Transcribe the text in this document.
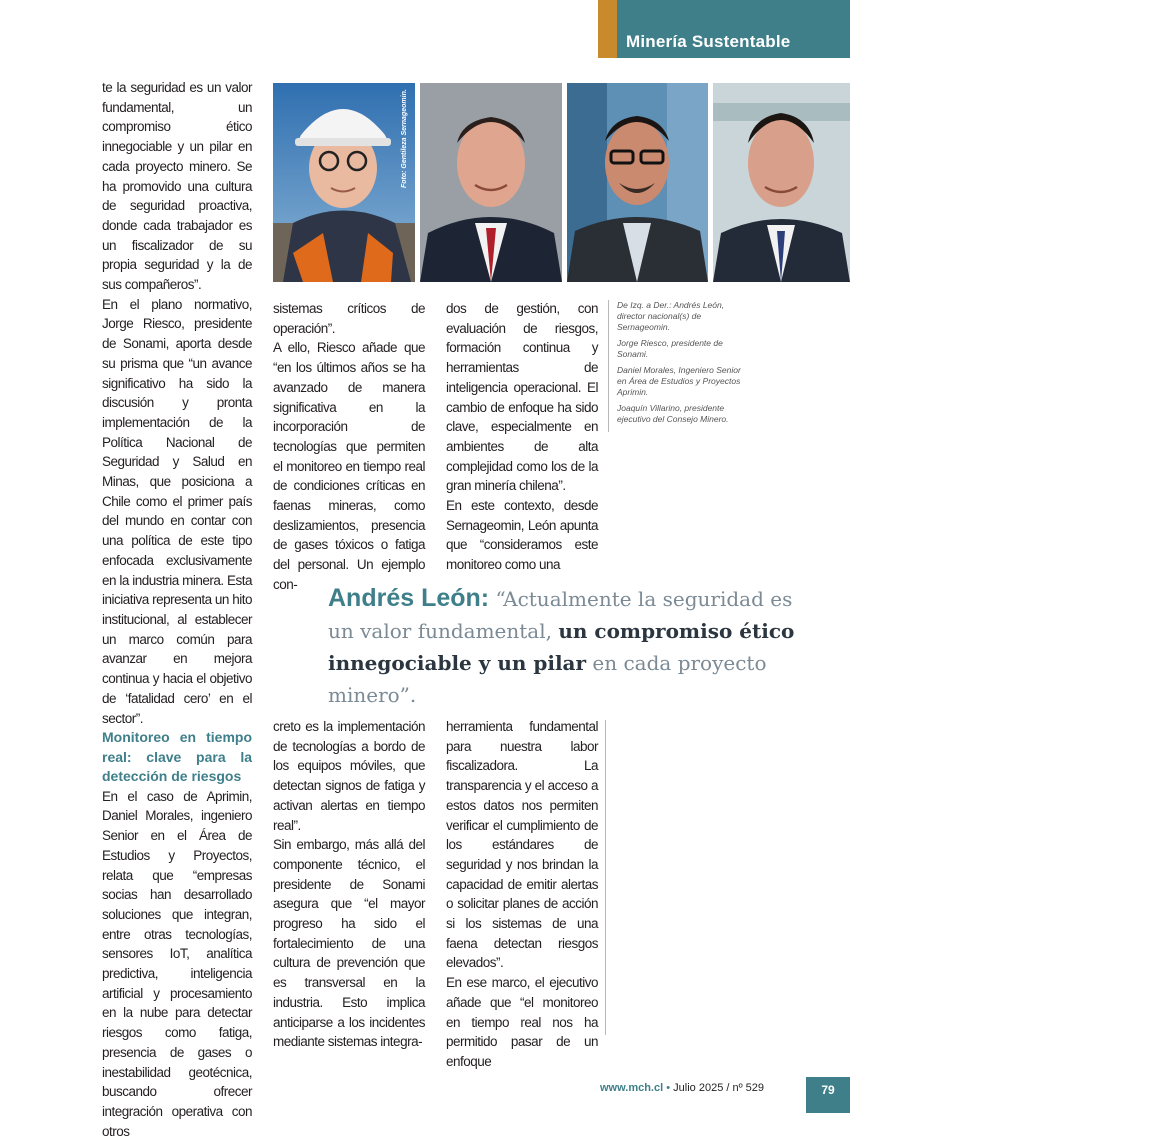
Minería Sustentable

te la seguridad es un valor fundamental, un compromiso ético innegociable y un pilar en cada proyecto minero. Se ha promovido una cultura de seguridad proactiva, donde cada trabajador es un fiscalizador de su propia seguridad y la de sus compañeros”.

En el plano normativo, Jorge Riesco, presidente de Sonami, aporta desde su prisma que “un avance significativo ha sido la discusión y pronta implementación de la Política Nacional de Seguridad y Salud en Minas, que posiciona a Chile como el primer país del mundo en contar con una política de este tipo enfocada exclusivamente en la industria minera. Esta iniciativa representa un hito institucional, al establecer un marco común para avanzar en mejora continua y hacia el objetivo de ‘fatalidad cero’ en el sector”.

Monitoreo en tiempo real: clave para la detección de riesgos

En el caso de Aprimin, Daniel Morales, ingeniero Senior en el Área de Estudios y Proyectos, relata que “empresas socias han desarrollado soluciones que integran, entre otras tecnologías, sensores IoT, analítica predictiva, inteligencia artificial y procesamiento en la nube para detectar riesgos como fatiga, presencia de gases o inestabilidad geotécnica, buscando ofrecer integración operativa con otros

Foto: Gentileza Sernageomin.
Foto: Gentileza Aprimin.	Foto: Gentileza Consejo Minero.

sistemas críticos de operación”.

A ello, Riesco añade que “en los últimos años se ha avanzado de manera significativa en la incorporación de tecnologías que permiten el monitoreo en tiempo real de condiciones críticas en faenas mineras, como deslizamientos, presencia de gases tóxicos o fatiga del personal. Un ejemplo con-

dos de gestión, con evaluación de riesgos, formación continua y herramientas de inteligencia operacional. El cambio de enfoque ha sido clave, especialmente en ambientes de alta complejidad como los de la gran minería chilena”.

En este contexto, desde Sernageomin, León apunta que “consideramos este monitoreo como una

De Izq. a Der.: Andrés León, director nacional(s) de Sernageomin.

Jorge Riesco, presidente de Sonami.

Daniel Morales, Ingeniero Senior en Área de Estudios y Proyectos Aprimin.

Joaquín Villarino, presidente ejecutivo del Consejo Minero.

Andrés León: “Actualmente la seguridad es un valor fundamental, un compromiso ético innegociable y un pilar en cada proyecto minero”.

creto es la implementación de tecnologías a bordo de los equipos móviles, que detectan signos de fatiga y activan alertas en tiempo real”.

Sin embargo, más allá del componente técnico, el presidente de Sonami asegura que “el mayor progreso ha sido el fortalecimiento de una cultura de prevención que es transversal en la industria. Esto implica anticiparse a los incidentes mediante sistemas integra-

herramienta fundamental para nuestra labor fiscalizadora. La transparencia y el acceso a estos datos nos permiten verificar el cumplimiento de los estándares de seguridad y nos brindan la capacidad de emitir alertas o solicitar planes de acción si los sistemas de una faena detectan riesgos elevados”.

En ese marco, el ejecutivo añade que “el monitoreo en tiempo real nos ha permitido pasar de un enfoque

www.mch.cl • Julio 2025 / nº 529	79
